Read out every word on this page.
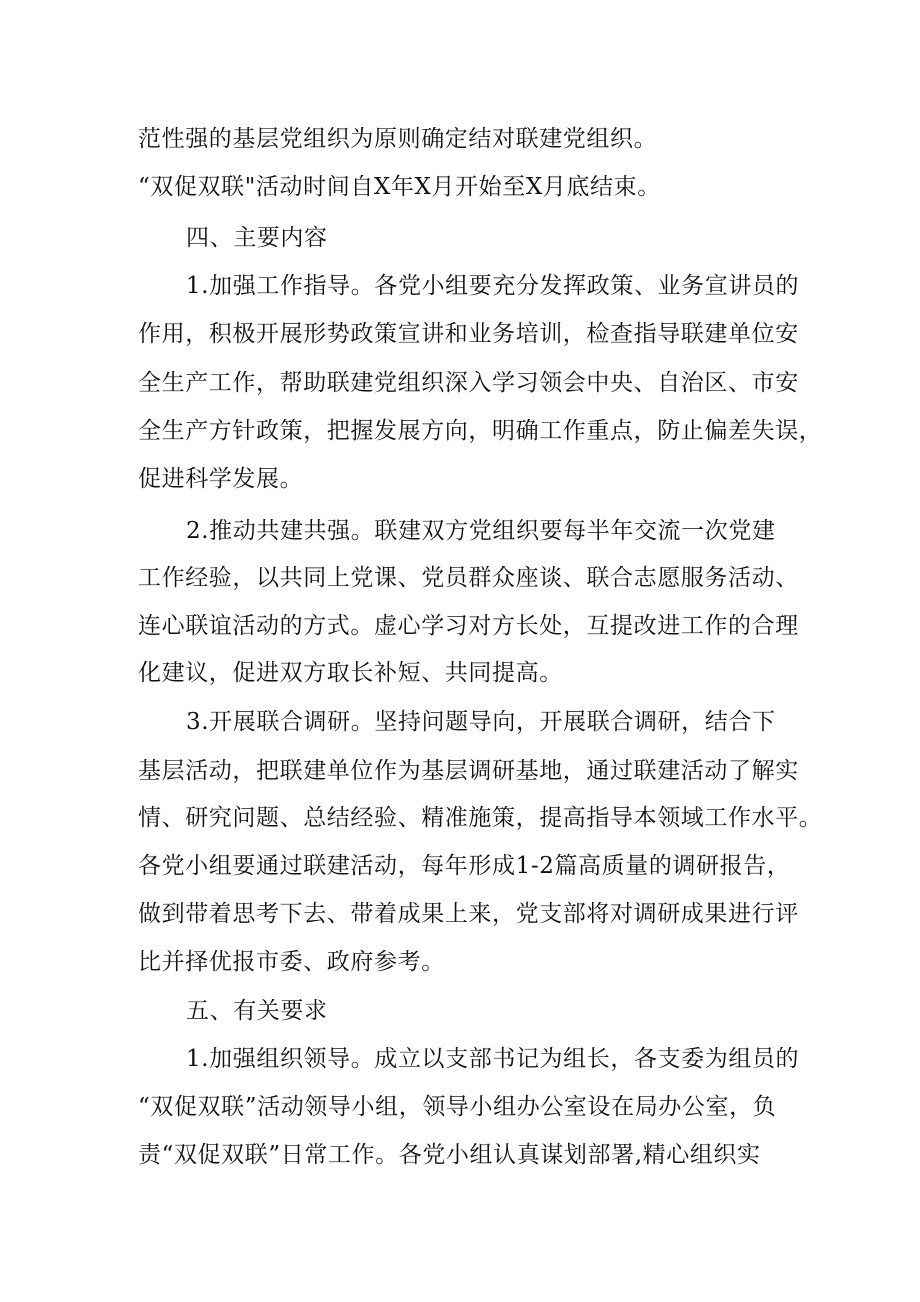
范性强的基层党组织为原则确定结对联建党组织。
“双促双联"活动时间自X年X月开始至X月底结束。
四、主要内容
1.加强工作指导。各党小组要充分发挥政策、业务宣讲员的
作用，积极开展形势政策宣讲和业务培训，检查指导联建单位安
全生产工作，帮助联建党组织深入学习领会中央、自治区、市安
全生产方针政策，把握发展方向，明确工作重点，防止偏差失误，
促进科学发展。
2.推动共建共强。联建双方党组织要每半年交流一次党建
工作经验，以共同上党课、党员群众座谈、联合志愿服务活动、
连心联谊活动的方式。虚心学习对方长处，互提改进工作的合理
化建议，促进双方取长补短、共同提高。
3.开展联合调研。坚持问题导向，开展联合调研，结合下
基层活动，把联建单位作为基层调研基地，通过联建活动了解实
情、研究问题、总结经验、精准施策，提高指导本领域工作水平。
各党小组要通过联建活动，每年形成1-2篇高质量的调研报告，
做到带着思考下去、带着成果上来，党支部将对调研成果进行评
比并择优报市委、政府参考。
五、有关要求
1.加强组织领导。成立以支部书记为组长，各支委为组员的
“双促双联”活动领导小组，领导小组办公室设在局办公室，负
责“双促双联”日常工作。各党小组认真谋划部署,精心组织实
